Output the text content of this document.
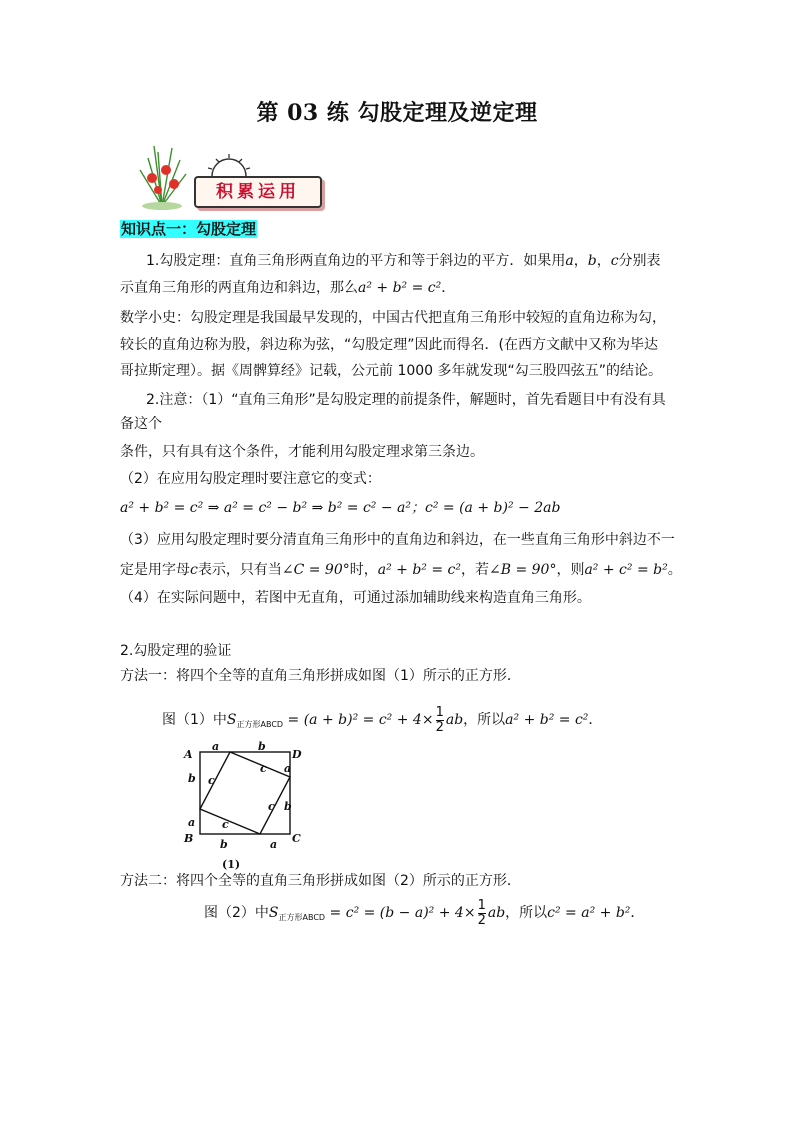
第 03 练 勾股定理及逆定理
积累运用
知识点一：勾股定理
1.勾股定理：直角三角形两直角边的平方和等于斜边的平方．如果用a，b，c分别表
示直角三角形的两直角边和斜边，那么a² + b² = c²．
数学小史：勾股定理是我国最早发现的，中国古代把直角三角形中较短的直角边称为勾，
较长的直角边称为股，斜边称为弦，“勾股定理”因此而得名．(在西方文献中又称为毕达
哥拉斯定理）。据《周髀算经》记载，公元前 1000 多年就发现“勾三股四弦五”的结论。
2.注意：（1）“直角三角形”是勾股定理的前提条件，解题时，首先看题目中有没有具
备这个
条件，只有具有这个条件，才能利用勾股定理求第三条边。
（2）在应用勾股定理时要注意它的变式：
a² + b² = c² ⇒ a² = c² − b² ⇒ b² = c² − a²；c² = (a + b)² − 2ab
（3）应用勾股定理时要分清直角三角形中的直角边和斜边，在一些直角三角形中斜边不一
定是用字母c表示，只有当∠C = 90°时，a² + b² = c²，若∠B = 90°，则a² + c² = b²。
（4）在实际问题中，若图中无直角，可通过添加辅助线来构造直角三角形。
2.勾股定理的验证
方法一：将四个全等的直角三角形拼成如图（1）所示的正方形．
图（1）中$S_{正方形ABCD} = (a + b)^2 = c^2 + 4\times \frac{1}{2}$ ab，所以a² + b² = c²．
A	D
B	C
a	b
b
a
a
b
b	a
c
c
c
c
(1)
方法二：将四个全等的直角三角形拼成如图（2）所示的正方形．
图（2）中$S_{正方形ABCD} = c^2 = (b - a)^2 + 4\times \frac{1}{2}$ ab，所以c² = a² + b²．
